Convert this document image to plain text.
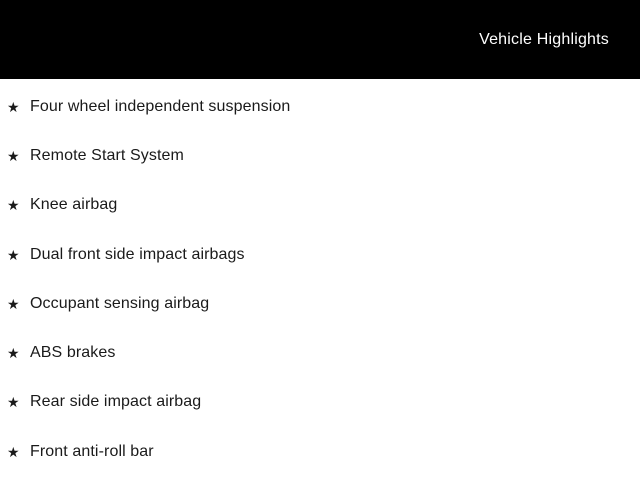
Vehicle Highlights
★ Four wheel independent suspension
★ Remote Start System
★ Knee airbag
★ Dual front side impact airbags
★ Occupant sensing airbag
★ ABS brakes
★ Rear side impact airbag
★ Front anti-roll bar
